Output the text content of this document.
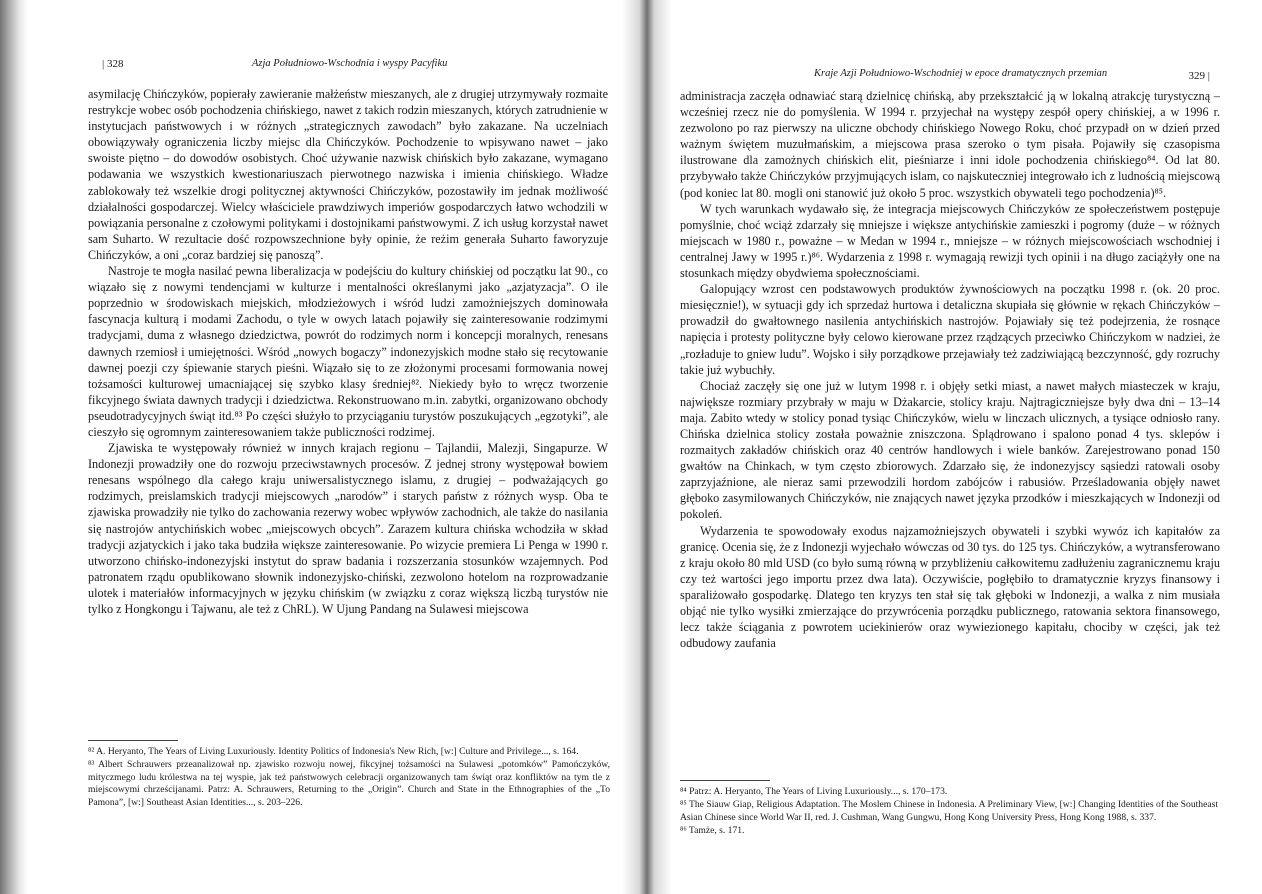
| 328	Azja Południowo-Wschodnia i wyspy Pacyfiku

asymilację Chińczyków, popierały zawieranie małżeństw mieszanych, ale z drugiej utrzymywały rozmaite restrykcje wobec osób pochodzenia chińskiego, nawet z takich rodzin mieszanych, których zatrudnienie w instytucjach państwowych i w różnych „strategicznych zawodach” było zakazane. Na uczelniach obowiązywały ograniczenia liczby miejsc dla Chińczyków. Pochodzenie to wpisywano nawet – jako swoiste piętno – do dowodów osobistych. Choć używanie nazwisk chińskich było zakazane, wymagano podawania we wszystkich kwestionariuszach pierwotnego nazwiska i imienia chińskiego. Władze zablokowały też wszelkie drogi politycznej aktywności Chińczyków, pozostawiły im jednak możliwość działalności gospodarczej. Wielcy właściciele prawdziwych imperiów gospodarczych łatwo wchodzili w powiązania personalne z czołowymi politykami i dostojnikami państwowymi. Z ich usług korzystał nawet sam Suharto. W rezultacie dość rozpowszechnione były opinie, że reżim generała Suharto faworyzuje Chińczyków, a oni „coraz bardziej się panoszą”.

Nastroje te mogła nasilać pewna liberalizacja w podejściu do kultury chińskiej od początku lat 90., co wiązało się z nowymi tendencjami w kulturze i mentalności określanymi jako „azjatyzacja”. O ile poprzednio w środowiskach miejskich, młodzieżowych i wśród ludzi zamożniejszych dominowała fascynacja kulturą i modami Zachodu, o tyle w owych latach pojawiły się zainteresowanie rodzimymi tradycjami, duma z własnego dziedzictwa, powrót do rodzimych norm i koncepcji moralnych, renesans dawnych rzemiosł i umiejętności. Wśród „nowych bogaczy” indonezyjskich modne stało się recytowanie dawnej poezji czy śpiewanie starych pieśni. Wiązało się to ze złożonymi procesami formowania nowej tożsamości kulturowej umacniającej się szybko klasy średniej⁸². Niekiedy było to wręcz tworzenie fikcyjnego świata dawnych tradycji i dziedzictwa. Rekonstruowano m.in. zabytki, organizowano obchody pseudotradycyjnych świąt itd.⁸³ Po części służyło to przyciąganiu turystów poszukujących „egzotyki”, ale cieszyło się ogromnym zainteresowaniem także publiczności rodzimej.

Zjawiska te występowały również w innych krajach regionu – Tajlandii, Malezji, Singapurze. W Indonezji prowadziły one do rozwoju przeciwstawnych procesów. Z jednej strony występował bowiem renesans wspólnego dla całego kraju uniwersalistycznego islamu, z drugiej – podważających go rodzimych, preislamskich tradycji miejscowych „narodów” i starych państw z różnych wysp. Oba te zjawiska prowadziły nie tylko do zachowania rezerwy wobec wpływów zachodnich, ale także do nasilania się nastrojów antychińskich wobec „miejscowych obcych”. Zarazem kultura chińska wchodziła w skład tradycji azjatyckich i jako taka budziła większe zainteresowanie. Po wizycie premiera Li Penga w 1990 r. utworzono chińsko-indonezyjski instytut do spraw badania i rozszerzania stosunków wzajemnych. Pod patronatem rządu opublikowano słownik indonezyjsko-chiński, zezwolono hotelom na rozprowadzanie ulotek i materiałów informacyjnych w języku chińskim (w związku z coraz większą liczbą turystów nie tylko z Hongkongu i Tajwanu, ale też z ChRL). W Ujung Pandang na Sulawesi miejscowa

⁸² A. Heryanto, The Years of Living Luxuriously. Identity Politics of Indonesia's New Rich, [w:] Culture and Privilege..., s. 164.

⁸³ Albert Schrauwers przeanalizował np. zjawisko rozwoju nowej, fikcyjnej tożsamości na Sulawesi „potomków” Pamończyków, mityczmego ludu królestwa na tej wyspie, jak też państwowych celebracji organizowanych tam świąt oraz konfliktów na tym tle z miejscowymi chrześcijanami. Patrz: A. Schrauwers, Returning to the „Origin”. Church and State in the Ethnographies of the „To Pamona”, [w:] Southeast Asian Identities..., s. 203–226.

Kraje Azji Południowo-Wschodniej w epoce dramatycznych przemian	329 |

administracja zaczęła odnawiać starą dzielnicę chińską, aby przekształcić ją w lokalną atrakcję turystyczną – wcześniej rzecz nie do pomyślenia. W 1994 r. przyjechał na występy zespół opery chińskiej, a w 1996 r. zezwolono po raz pierwszy na uliczne obchody chińskiego Nowego Roku, choć przypadł on w dzień przed ważnym świętem muzułmańskim, a miejscowa prasa szeroko o tym pisała. Pojawiły się czasopisma ilustrowane dla zamożnych chińskich elit, pieśniarze i inni idole pochodzenia chińskiego⁸⁴. Od lat 80. przybywało także Chińczyków przyjmujących islam, co najskuteczniej integrowało ich z ludnością miejscową (pod koniec lat 80. mogli oni stanowić już około 5 proc. wszystkich obywateli tego pochodzenia)⁸⁵.

W tych warunkach wydawało się, że integracja miejscowych Chińczyków ze społeczeństwem postępuje pomyślnie, choć wciąż zdarzały się mniejsze i większe antychińskie zamieszki i pogromy (duże – w różnych miejscach w 1980 r., poważne – w Medan w 1994 r., mniejsze – w różnych miejscowościach wschodniej i centralnej Jawy w 1995 r.)⁸⁶. Wydarzenia z 1998 r. wymagają rewizji tych opinii i na długo zaciążyły one na stosunkach między obydwiema społecznościami.

Galopujący wzrost cen podstawowych produktów żywnościowych na początku 1998 r. (ok. 20 proc. miesięcznie!), w sytuacji gdy ich sprzedaż hurtowa i detaliczna skupiała się głównie w rękach Chińczyków – prowadził do gwałtownego nasilenia antychińskich nastrojów. Pojawiały się też podejrzenia, że rosnące napięcia i protesty polityczne były celowo kierowane przez rządzących przeciwko Chińczykom w nadziei, że „rozładuje to gniew ludu”. Wojsko i siły porządkowe przejawiały też zadziwiającą bezczynność, gdy rozruchy takie już wybuchły.

Chociaż zaczęły się one już w lutym 1998 r. i objęły setki miast, a nawet małych miasteczek w kraju, największe rozmiary przybrały w maju w Dżakarcie, stolicy kraju. Najtragiczniejsze były dwa dni – 13–14 maja. Zabito wtedy w stolicy ponad tysiąc Chińczyków, wielu w linczach ulicznych, a tysiące odniosło rany. Chińska dzielnica stolicy została poważnie zniszczona. Splądrowano i spalono ponad 4 tys. sklepów i rozmaitych zakładów chińskich oraz 40 centrów handlowych i wiele banków. Zarejestrowano ponad 150 gwałtów na Chinkach, w tym często zbiorowych. Zdarzało się, że indonezyjscy sąsiedzi ratowali osoby zaprzyjaźnione, ale nieraz sami przewodzili hordom zabójców i rabusiów. Prześladowania objęły nawet głęboko zasymilowanych Chińczyków, nie znających nawet języka przodków i mieszkających w Indonezji od pokoleń.

Wydarzenia te spowodowały exodus najzamożniejszych obywateli i szybki wywóz ich kapitałów za granicę. Ocenia się, że z Indonezji wyjechało wówczas od 30 tys. do 125 tys. Chińczyków, a wytransferowano z kraju około 80 mld USD (co było sumą równą w przybliżeniu całkowitemu zadłużeniu zagranicznemu kraju czy też wartości jego importu przez dwa lata). Oczywiście, pogłębiło to dramatycznie kryzys finansowy i sparaliżowało gospodarkę. Dlatego ten kryzys ten stał się tak głęboki w Indonezji, a walka z nim musiała objąć nie tylko wysiłki zmierzające do przywrócenia porządku publicznego, ratowania sektora finansowego, lecz także ściągania z powrotem uciekinierów oraz wywiezionego kapitału, chociby w części, jak też odbudowy zaufania

⁸⁴ Patrz: A. Heryanto, The Years of Living Luxuriously..., s. 170–173.

⁸⁵ The Siauw Giap, Religious Adaptation. The Moslem Chinese in Indonesia. A Preliminary View, [w:] Changing Identities of the Southeast Asian Chinese since World War II, red. J. Cushman, Wang Gungwu, Hong Kong University Press, Hong Kong 1988, s. 337.

⁸⁶ Tamże, s. 171.
